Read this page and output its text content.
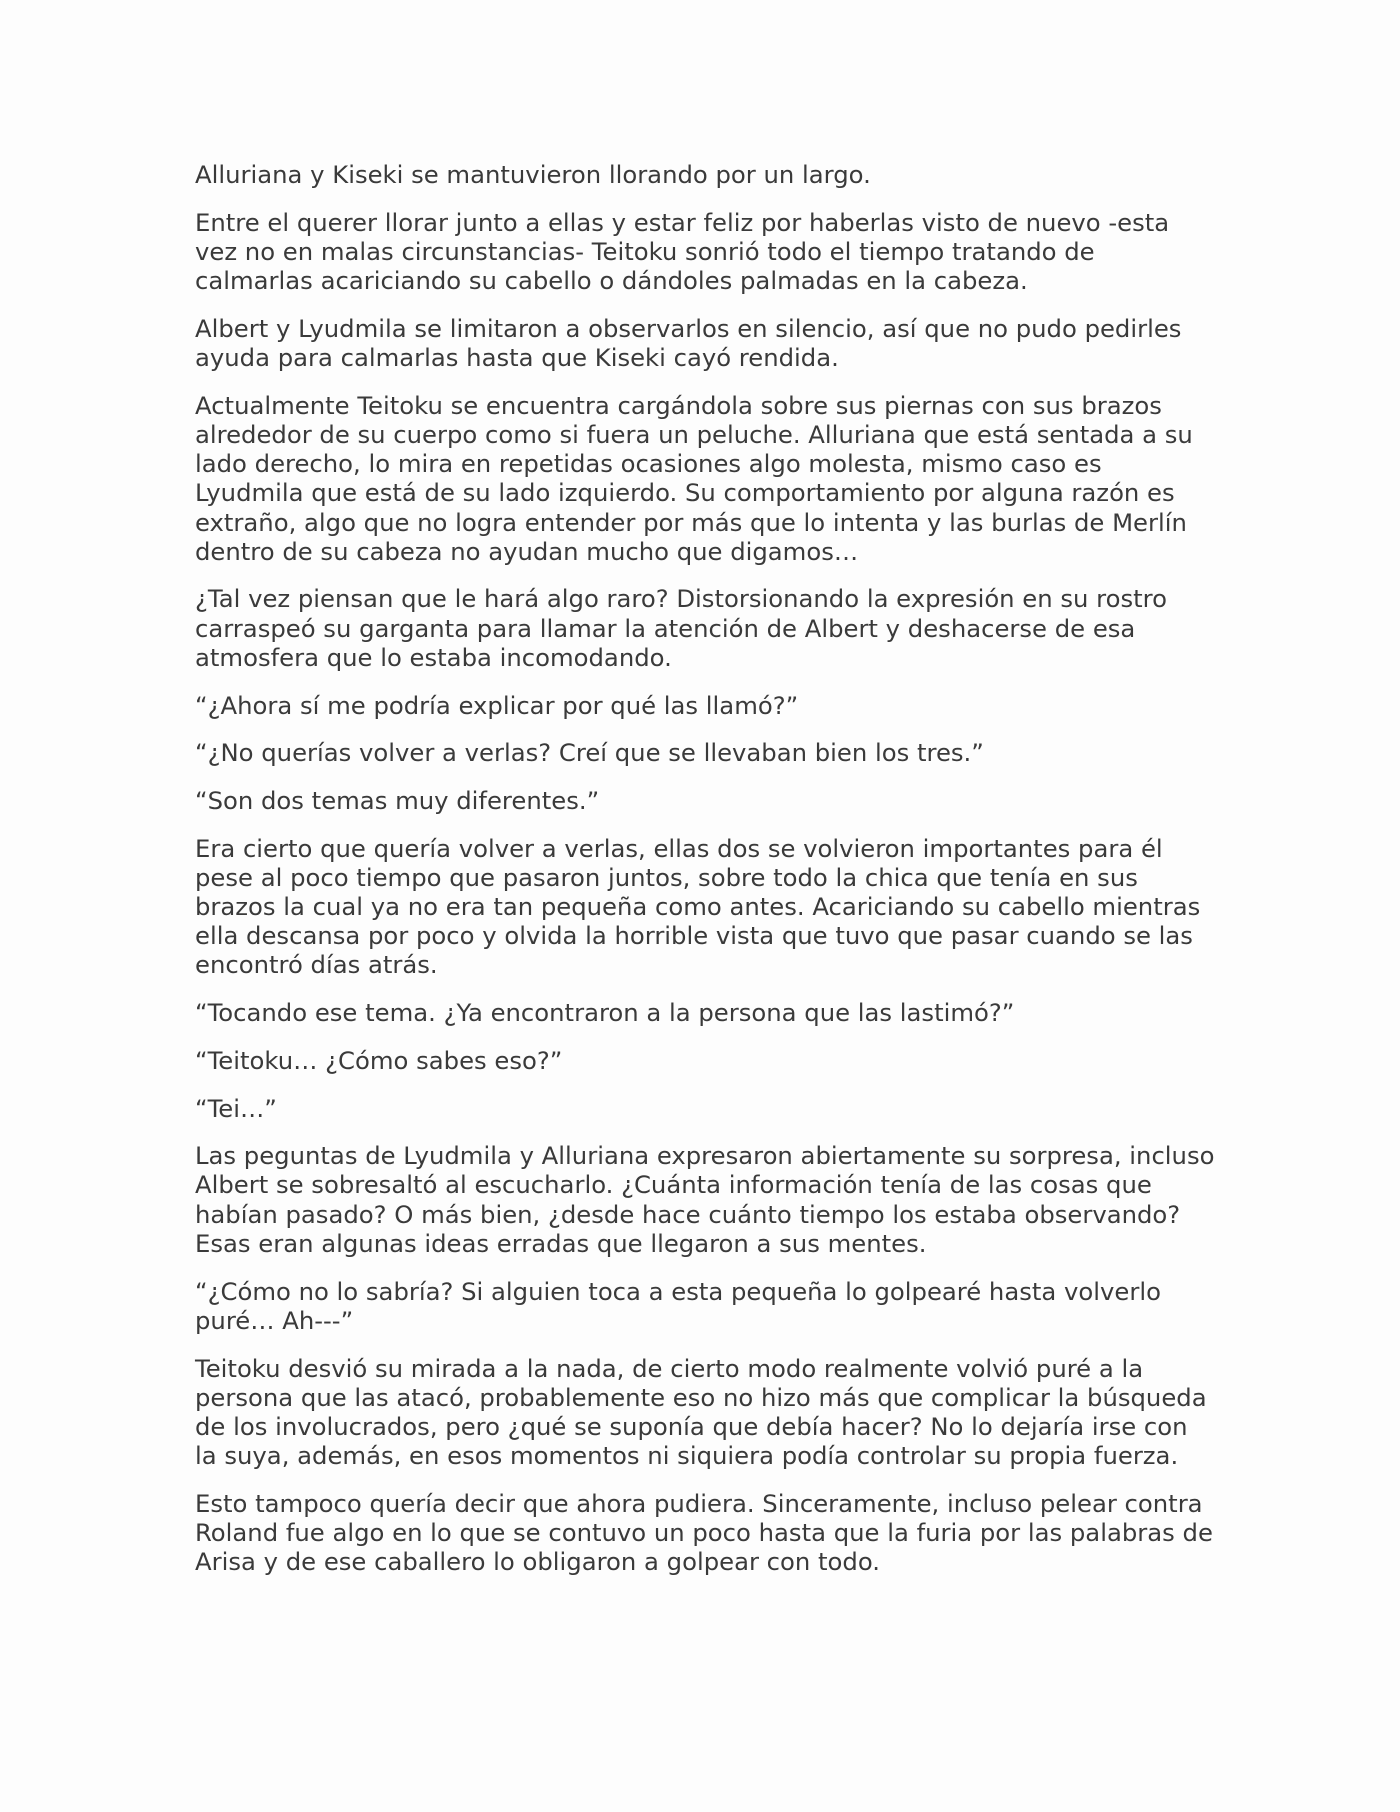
Alluriana y Kiseki se mantuvieron llorando por un largo.

Entre el querer llorar junto a ellas y estar feliz por haberlas visto de nuevo -esta vez no en malas circunstancias- Teitoku sonrió todo el tiempo tratando de calmarlas acariciando su cabello o dándoles palmadas en la cabeza.

Albert y Lyudmila se limitaron a observarlos en silencio, así que no pudo pedirles ayuda para calmarlas hasta que Kiseki cayó rendida.

Actualmente Teitoku se encuentra cargándola sobre sus piernas con sus brazos alrededor de su cuerpo como si fuera un peluche. Alluriana que está sentada a su lado derecho, lo mira en repetidas ocasiones algo molesta, mismo caso es Lyudmila que está de su lado izquierdo. Su comportamiento por alguna razón es extraño, algo que no logra entender por más que lo intenta y las burlas de Merlín dentro de su cabeza no ayudan mucho que digamos…

¿Tal vez piensan que le hará algo raro? Distorsionando la expresión en su rostro carraspeó su garganta para llamar la atención de Albert y deshacerse de esa atmosfera que lo estaba incomodando.

“¿Ahora sí me podría explicar por qué las llamó?”

“¿No querías volver a verlas? Creí que se llevaban bien los tres.”

“Son dos temas muy diferentes.”

Era cierto que quería volver a verlas, ellas dos se volvieron importantes para él pese al poco tiempo que pasaron juntos, sobre todo la chica que tenía en sus brazos la cual ya no era tan pequeña como antes. Acariciando su cabello mientras ella descansa por poco y olvida la horrible vista que tuvo que pasar cuando se las encontró días atrás.

“Tocando ese tema. ¿Ya encontraron a la persona que las lastimó?”

“Teitoku… ¿Cómo sabes eso?”

“Tei…”

Las peguntas de Lyudmila y Alluriana expresaron abiertamente su sorpresa, incluso Albert se sobresaltó al escucharlo. ¿Cuánta información tenía de las cosas que habían pasado? O más bien, ¿desde hace cuánto tiempo los estaba observando? Esas eran algunas ideas erradas que llegaron a sus mentes.

“¿Cómo no lo sabría? Si alguien toca a esta pequeña lo golpearé hasta volverlo puré… Ah---”

Teitoku desvió su mirada a la nada, de cierto modo realmente volvió puré a la persona que las atacó, probablemente eso no hizo más que complicar la búsqueda de los involucrados, pero ¿qué se suponía que debía hacer? No lo dejaría irse con la suya, además, en esos momentos ni siquiera podía controlar su propia fuerza.

Esto tampoco quería decir que ahora pudiera. Sinceramente, incluso pelear contra Roland fue algo en lo que se contuvo un poco hasta que la furia por las palabras de Arisa y de ese caballero lo obligaron a golpear con todo.
